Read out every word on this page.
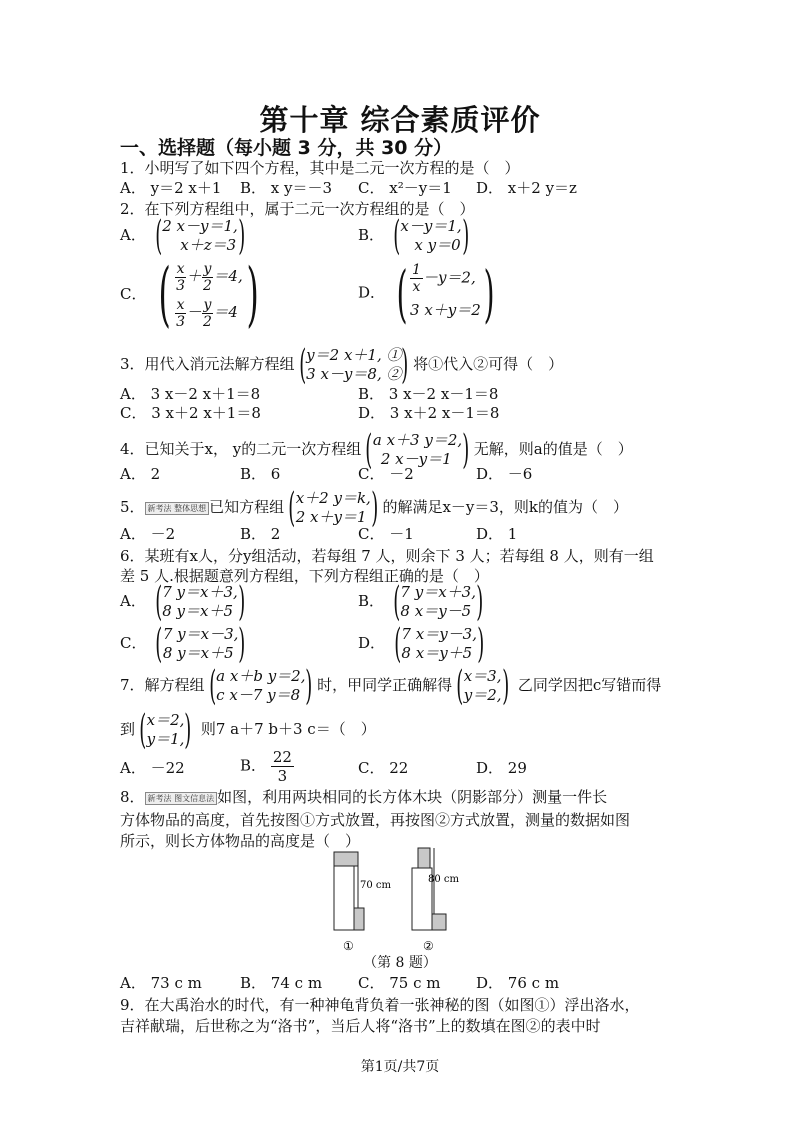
第十章 综合素质评价
一、选择题（每小题 3 分，共 30 分）
1．小明写了如下四个方程，其中是二元一次方程的是（　）
A． y＝2 x＋1 B． x y＝－3 C． x²－y＝1 D． x＋2 y＝z
2．在下列方程组中，属于二元一次方程组的是（　）
A． ( 2 x－y＝1,
x＋z＝3 )	B． ( x－y＝1,
x y＝0 )
C． ( $\frac{x}{3} + \frac{y}{2} =4$,
$\frac{x}{3} - \frac{y}{2} =4$ )	D． ( $\frac{1}{x} -y=2$,
3 x＋y＝2 )
3．用代入消元法解方程组 ( y＝2 x＋1, ①
3 x－y＝8, ② ) 将①代入②可得（　）
A． 3 x－2 x＋1＝8	B． 3 x－2 x－1＝8
C． 3 x＋2 x＋1＝8	D． 3 x＋2 x－1＝8
4．已知关于x， y的二元一次方程组 ( a x＋3 y＝2,
2 x－y＝1 ) 无解，则a的值是（　）
A． 2	B． 6	C． －2	D． －6
5． 新考法 整体思想 已知方程组 ( x＋2 y＝k,
2 x＋y＝1 ) 的解满足x－y＝3，则k的值为（　）
A． －2	B． 2	C． －1	D． 1
6．某班有x人，分y组活动，若每组 7 人，则余下 3 人；若每组 8 人，则有一组
差 5 人.根据题意列方程组，下列方程组正确的是（　）
A． ( 7 y＝x＋3,
8 y＝x＋5 )	B． ( 7 y＝x＋3,
8 x＝y－5 )
C． ( 7 y＝x－3,
8 y＝x＋5 )	D． ( 7 x＝y－3,
8 x＝y＋5 )
7．解方程组 ( a x＋b y＝2,
c x－7 y＝8 ) 时，甲同学正确解得 ( x＝3,
y＝2, ) 乙同学因把c写错而得
到 ( x＝2,
y＝1, ) 则7 a＋7 b＋3 c＝（　）
A． －22	B． $\frac{22}{3}$	C． 22	D． 29
8． 新考法 图文信息法 如图，利用两块相同的长方体木块（阴影部分）测量一件长
方体物品的高度，首先按图①方式放置，再按图②方式放置，测量的数据如图
所示，则长方体物品的高度是（　）
70 cm
①
80 cm
②
（第 8 题）
A． 73 c m	B． 74 c m C． 75 c m D． 76 c m
9．在大禹治水的时代，有一种神龟背负着一张神秘的图（如图①）浮出洛水，
吉祥献瑞，后世称之为“洛书”，当后人将“洛书”上的数填在图②的表中时
第1页/共7页
